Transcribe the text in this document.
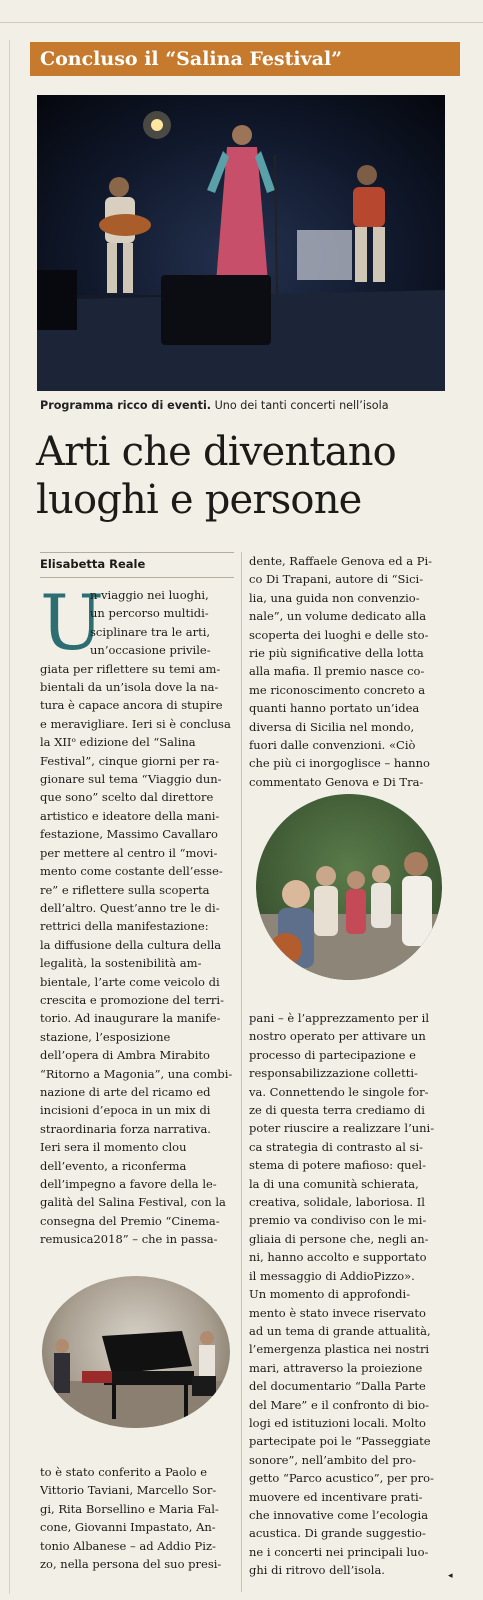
Concluso il “Salina Festival”
Programma ricco di eventi. Uno dei tanti concerti nell’isola
Arti che diventano
luoghi e persone
Elisabetta Reale
U
n viaggio nei luoghi,
un percorso multidi-
sciplinare tra le arti,
un’occasione privile-
giata per riflettere su temi am-
bientali da un’isola dove la na-
tura è capace ancora di stupire
e meravigliare. Ieri si è conclusa
la XIIᵒ edizione del “Salina
Festival”, cinque giorni per ra-
gionare sul tema “Viaggio dun-
que sono” scelto dal direttore
artistico e ideatore della mani-
festazione, Massimo Cavallaro
per mettere al centro il “movi-
mento come costante dell’esse-
re” e riflettere sulla scoperta
dell’altro. Quest’anno tre le di-
rettrici della manifestazione:
la diffusione della cultura della
legalità, la sostenibilità am-
bientale, l’arte come veicolo di
crescita e promozione del terri-
torio. Ad inaugurare la manife-
stazione, l’esposizione
dell’opera di Ambra Mirabito
“Ritorno a Magonia”, una combi-
nazione di arte del ricamo ed
incisioni d’epoca in un mix di
straordinaria forza narrativa.
Ieri sera il momento clou
dell’evento, a riconferma
dell’impegno a favore della le-
galità del Salina Festival, con la
consegna del Premio “Cinema-
remusica2018” – che in passa-
to è stato conferito a Paolo e
Vittorio Taviani, Marcello Sor-
gi, Rita Borsellino e Maria Fal-
cone, Giovanni Impastato, An-
tonio Albanese – ad Addio Piz-
zo, nella persona del suo presi-
dente, Raffaele Genova ed a Pi-
co Di Trapani, autore di “Sici-
lia, una guida non convenzio-
nale”, un volume dedicato alla
scoperta dei luoghi e delle sto-
rie più significative della lotta
alla mafia. Il premio nasce co-
me riconoscimento concreto a
quanti hanno portato un’idea
diversa di Sicilia nel mondo,
fuori dalle convenzioni. «Ciò
che più ci inorgoglisce – hanno
commentato Genova e Di Tra-
pani – è l’apprezzamento per il
nostro operato per attivare un
processo di partecipazione e
responsabilizzazione colletti-
va. Connettendo le singole for-
ze di questa terra crediamo di
poter riuscire a realizzare l’uni-
ca strategia di contrasto al si-
stema di potere mafioso: quel-
la di una comunità schierata,
creativa, solidale, laboriosa. Il
premio va condiviso con le mi-
gliaia di persone che, negli an-
ni, hanno accolto e supportato
il messaggio di AddioPizzo».
Un momento di approfondi-
mento è stato invece riservato
ad un tema di grande attualità,
l’emergenza plastica nei nostri
mari, attraverso la proiezione
del documentario “Dalla Parte
del Mare” e il confronto di bio-
logi ed istituzioni locali. Molto
partecipate poi le “Passeggiate
sonore”, nell’ambito del pro-
getto “Parco acustico”, per pro-
muovere ed incentivare prati-
che innovative come l’ecologia
acustica. Di grande suggestio-
ne i concerti nei principali luo-
ghi di ritrovo dell’isola.	◂
